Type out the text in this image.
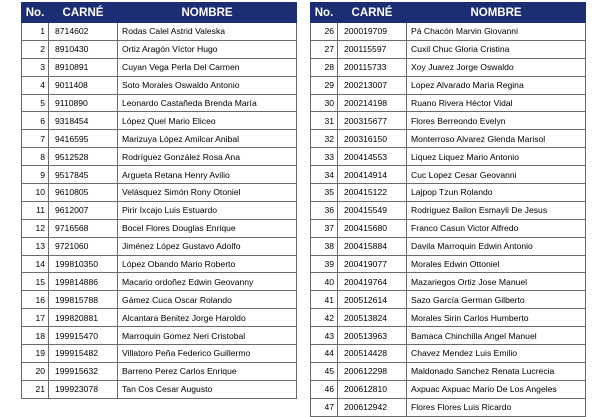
No.	CARNÉ	NOMBRE
1	8714602	Rodas Calel Astrid Valeska
2	8910430	Ortiz Aragón Víctor Hugo
3	8910891	Cuyan Vega Perla Del Carmen
4	9011408	Soto Morales Oswaldo Antonio
5	9110890	Leonardo Castañeda Brenda María
6	9318454	López Quel Mario Eliceo
7	9416595	Marizuya López Amilcar Anibal
8	9512528	Rodríguez González Rosa Ana
9	9517845	Argueta Retana Henry Avilio
10	9610805	Velásquez Simón Rony Otoniel
11	9612007	Pirir Ixcajo Luis Estuardo
12	9716568	Bocel Flores Douglas Enrique
13	9721060	Jiménez López Gustavo Adolfo
14	199810350	López Obando Mario Roberto
15	199814886	Macario ordoñez Edwin Geovanny
16	199815788	Gámez Cuca Oscar Rolando
17	199820881	Alcantara Benitez Jorge Haroldo
18	199915470	Marroquin Gomez Neri Cristobal
19	199915482	Villatoro Peña Federico Guillermo
20	199915632	Barreno Perez Carlos Enrique
21	199923078	Tan Cos Cesar Augusto
No.	CARNÉ	NOMBRE
26	200019709	Pá Chacón Marvin Giovanni
27	200115597	Cuxil Chuc Gloria Cristina
28	200115733	Xoy Juarez Jorge Oswaldo
29	200213007	Lopez Alvarado Maria Regina
30	200214198	Ruano Rivera Héctor Vidal
31	200315677	Flores Berreondo Evelyn
32	200316150	Monterroso Alvarez Glenda Marisol
33	200414553	Liquez Liquez Mario Antonio
34	200414914	Cuc Lopez Cesar Geovanni
35	200415122	Lajpop Tzun Rolando
36	200415549	Rodriguez Bailon Esmayli De Jesus
37	200415680	Franco Casun Victor Alfredo
38	200415884	Davila Marroquin Edwin Antonio
39	200419077	Morales Edwin Ottoniel
40	200419764	Mazariegos Ortiz Jose Manuel
41	200512614	Sazo García German Gilberto
42	200513824	Morales Sirin Carlos Humberto
43	200513963	Bamaca Chinchilla Angel Manuel
44	200514428	Chavez Mendez Luis Emilio
45	200612298	Maldonado Sanchez Renata Lucrecia
46	200612810	Axpuac Axpuac Mario De Los Angeles
47	200612942	Flores Flores Luis Ricardo
